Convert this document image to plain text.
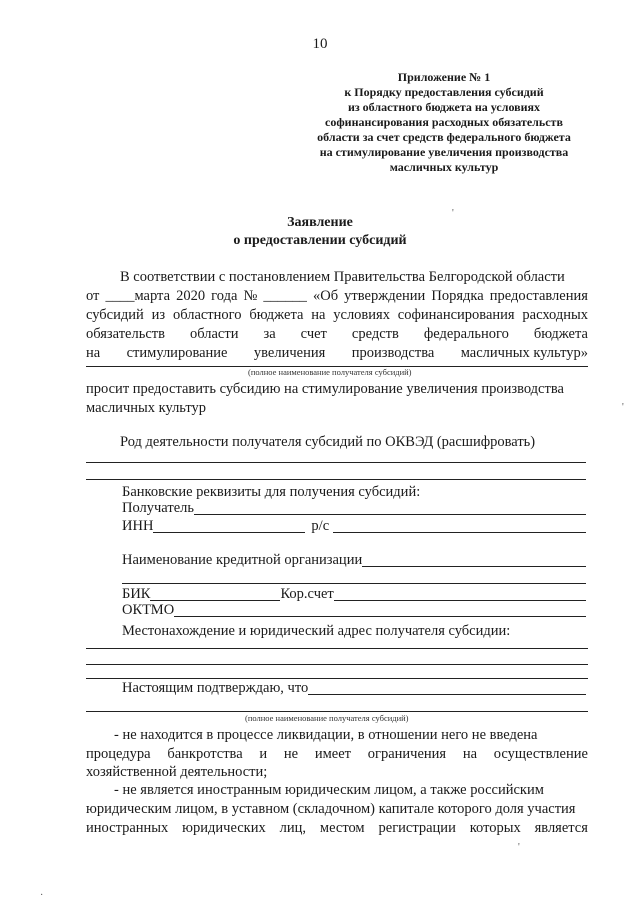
10
Приложение № 1
к Порядку предоставления субсидий
из областного бюджета на условиях
софинансирования расходных обязательств
области за счет средств федерального бюджета
на стимулирование увеличения производства
масличных культур
Заявление
о предоставлении субсидий
В соответствии с постановлением Правительства Белгородской области
от ____марта 2020 года № ______ «Об утверждении Порядка предоставления
субсидий из областного бюджета на условиях софинансирования расходных
обязательств области за счет средств федерального бюджета
на стимулирование увеличения производства масличных культур»
(полное наименование получателя субсидий)
просит предоставить субсидию на стимулирование увеличения производства
масличных культур
Род деятельности получателя субсидий по ОКВЭД (расшифровать)
Банковские реквизиты для получения субсидий:
Получатель
ИНН	р/с
Наименование кредитной организации
БИК	Кор.счет
ОКТМО
Местонахождение и юридический адрес получателя субсидии:
Настоящим подтверждаю, что
(полное наименование получателя субсидий)
- не находится в процессе ликвидации, в отношении него не введена
процедура банкротства и не имеет ограничения на осуществление
хозяйственной деятельности;
- не является иностранным юридическим лицом, а также российским
юридическим лицом, в уставном (складочном) капитале которого доля участия
иностранных юридических лиц, местом регистрации которых является
'
'
'
·
